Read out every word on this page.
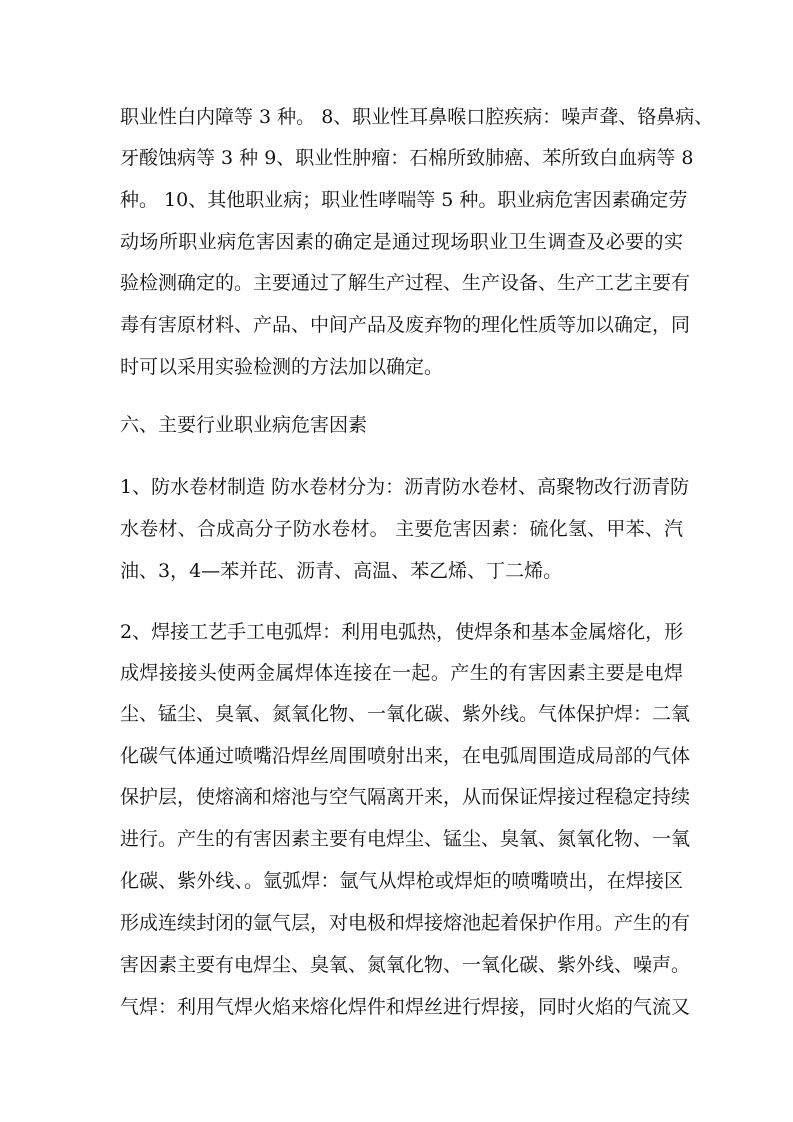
职业性白内障等 3 种。 8、职业性耳鼻喉口腔疾病：噪声聋、铬鼻病、
牙酸蚀病等 3 种 9、职业性肿瘤：石棉所致肺癌、苯所致白血病等 8
种。 10、其他职业病；职业性哮喘等 5 种。职业病危害因素确定劳
动场所职业病危害因素的确定是通过现场职业卫生调查及必要的实
验检测确定的。主要通过了解生产过程、生产设备、生产工艺主要有
毒有害原材料、产品、中间产品及废弃物的理化性质等加以确定，同
时可以采用实验检测的方法加以确定。
六、主要行业职业病危害因素
1、防水卷材制造 防水卷材分为：沥青防水卷材、高聚物改行沥青防
水卷材、合成高分子防水卷材。 主要危害因素：硫化氢、甲苯、汽
油、3，4—苯并芘、沥青、高温、苯乙烯、丁二烯。
2、焊接工艺手工电弧焊：利用电弧热，使焊条和基本金属熔化，形
成焊接接头使两金属焊体连接在一起。产生的有害因素主要是电焊
尘、锰尘、臭氧、氮氧化物、一氧化碳、紫外线。气体保护焊：二氧
化碳气体通过喷嘴沿焊丝周围喷射出来，在电弧周围造成局部的气体
保护层，使熔滴和熔池与空气隔离开来，从而保证焊接过程稳定持续
进行。产生的有害因素主要有电焊尘、锰尘、臭氧、氮氧化物、一氧
化碳、紫外线、。氩弧焊：氩气从焊枪或焊炬的喷嘴喷出，在焊接区
形成连续封闭的氩气层，对电极和焊接熔池起着保护作用。产生的有
害因素主要有电焊尘、臭氧、氮氧化物、一氧化碳、紫外线、噪声。
气焊：利用气焊火焰来熔化焊件和焊丝进行焊接，同时火焰的气流又
